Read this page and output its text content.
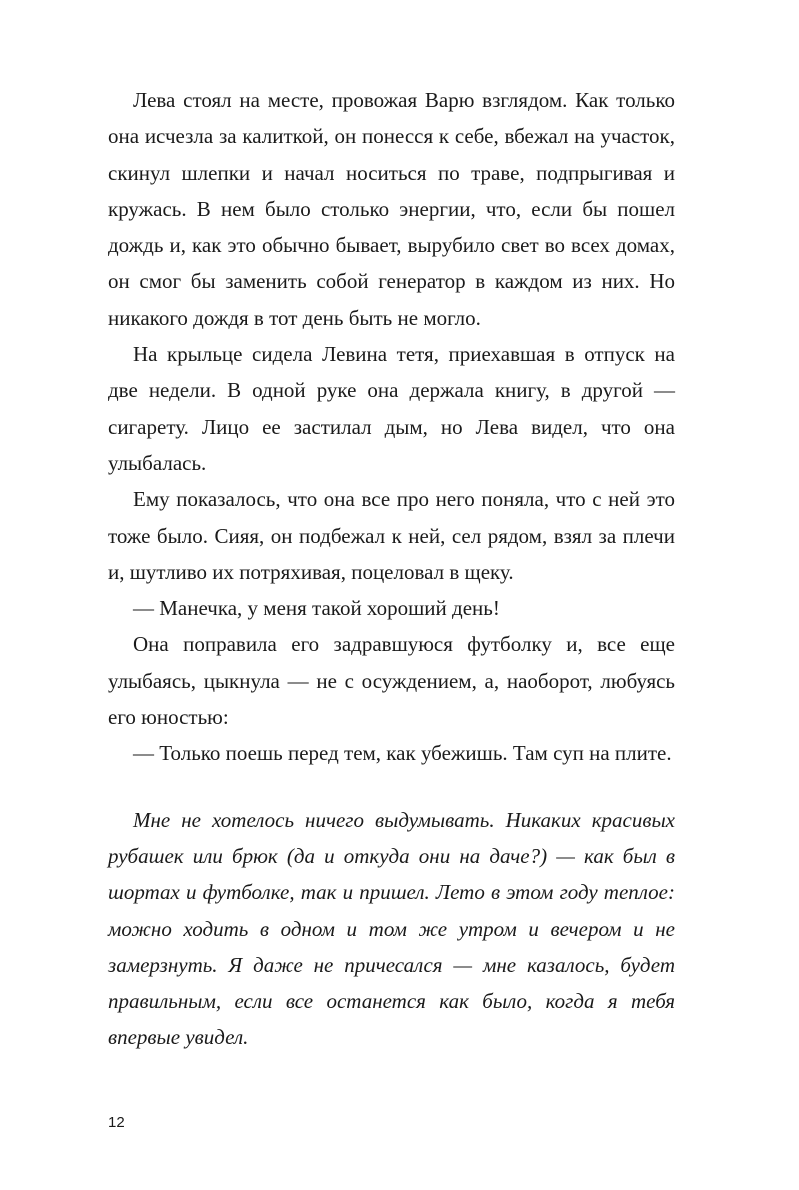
Лева стоял на месте, провожая Варю взглядом. Как только она исчезла за калиткой, он понесся к себе, вбежал на участок, скинул шлепки и начал носиться по траве, подпрыгивая и кружась. В нем было столько энергии, что, если бы пошел дождь и, как это обычно бывает, вырубило свет во всех домах, он смог бы заменить собой генератор в каждом из них. Но никакого дождя в тот день быть не могло.

На крыльце сидела Левина тетя, приехавшая в отпуск на две недели. В одной руке она держала книгу, в другой — сигарету. Лицо ее застилал дым, но Лева видел, что она улыбалась.

Ему показалось, что она все про него поняла, что с ней это тоже было. Сияя, он подбежал к ней, сел рядом, взял за плечи и, шутливо их потряхивая, поцеловал в щеку.

— Манечка, у меня такой хороший день!

Она поправила его задравшуюся футболку и, все еще улыбаясь, цыкнула — не с осуждением, а, наоборот, любуясь его юностью:

— Только поешь перед тем, как убежишь. Там суп на плите.

Мне не хотелось ничего выдумывать. Никаких красивых рубашек или брюк (да и откуда они на даче?) — как был в шортах и футболке, так и пришел. Лето в этом году теплое: можно ходить в одном и том же утром и вечером и не замерзнуть. Я даже не причесался — мне казалось, будет правильным, если все останется как было, когда я тебя впервые увидел.

12
